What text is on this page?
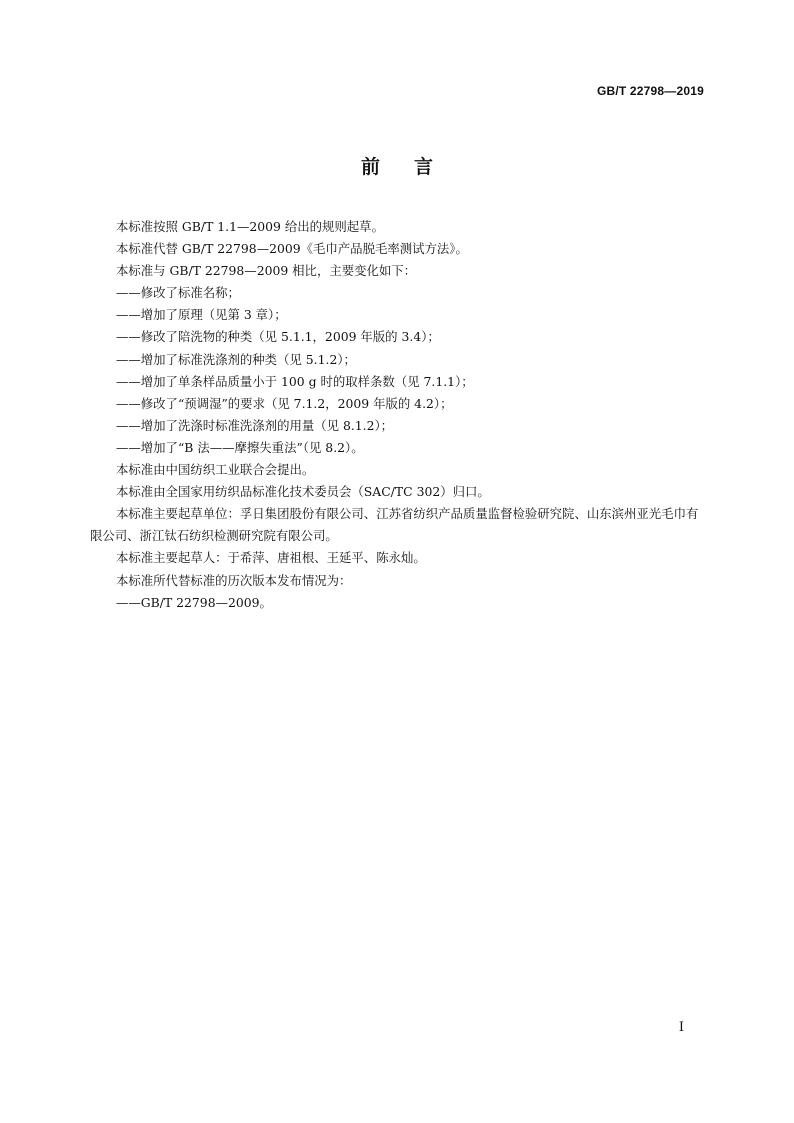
GB/T 22798—2019
前言

本标准按照 GB/T 1.1—2009 给出的规则起草。

本标准代替 GB/T 22798—2009《毛巾产品脱毛率测试方法》。

本标准与 GB/T 22798—2009 相比，主要变化如下：

——修改了标准名称；

——增加了原理（见第 3 章）；

——修改了陪洗物的种类（见 5.1.1，2009 年版的 3.4）；

——增加了标准洗涤剂的种类（见 5.1.2）；

——增加了单条样品质量小于 100 g 时的取样条数（见 7.1.1）；

——修改了“预调湿”的要求（见 7.1.2，2009 年版的 4.2）；

——增加了洗涤时标准洗涤剂的用量（见 8.1.2）；

——增加了“B 法——摩擦失重法”（见 8.2）。

本标准由中国纺织工业联合会提出。

本标准由全国家用纺织品标准化技术委员会（SAC/TC 302）归口。

本标准主要起草单位：孚日集团股份有限公司、江苏省纺织产品质量监督检验研究院、山东滨州亚光毛巾有限公司、浙江钛石纺织检测研究院有限公司。

本标准主要起草人：于希萍、唐祖根、王延平、陈永灿。

本标准所代替标准的历次版本发布情况为：

——GB/T 22798—2009。

I
